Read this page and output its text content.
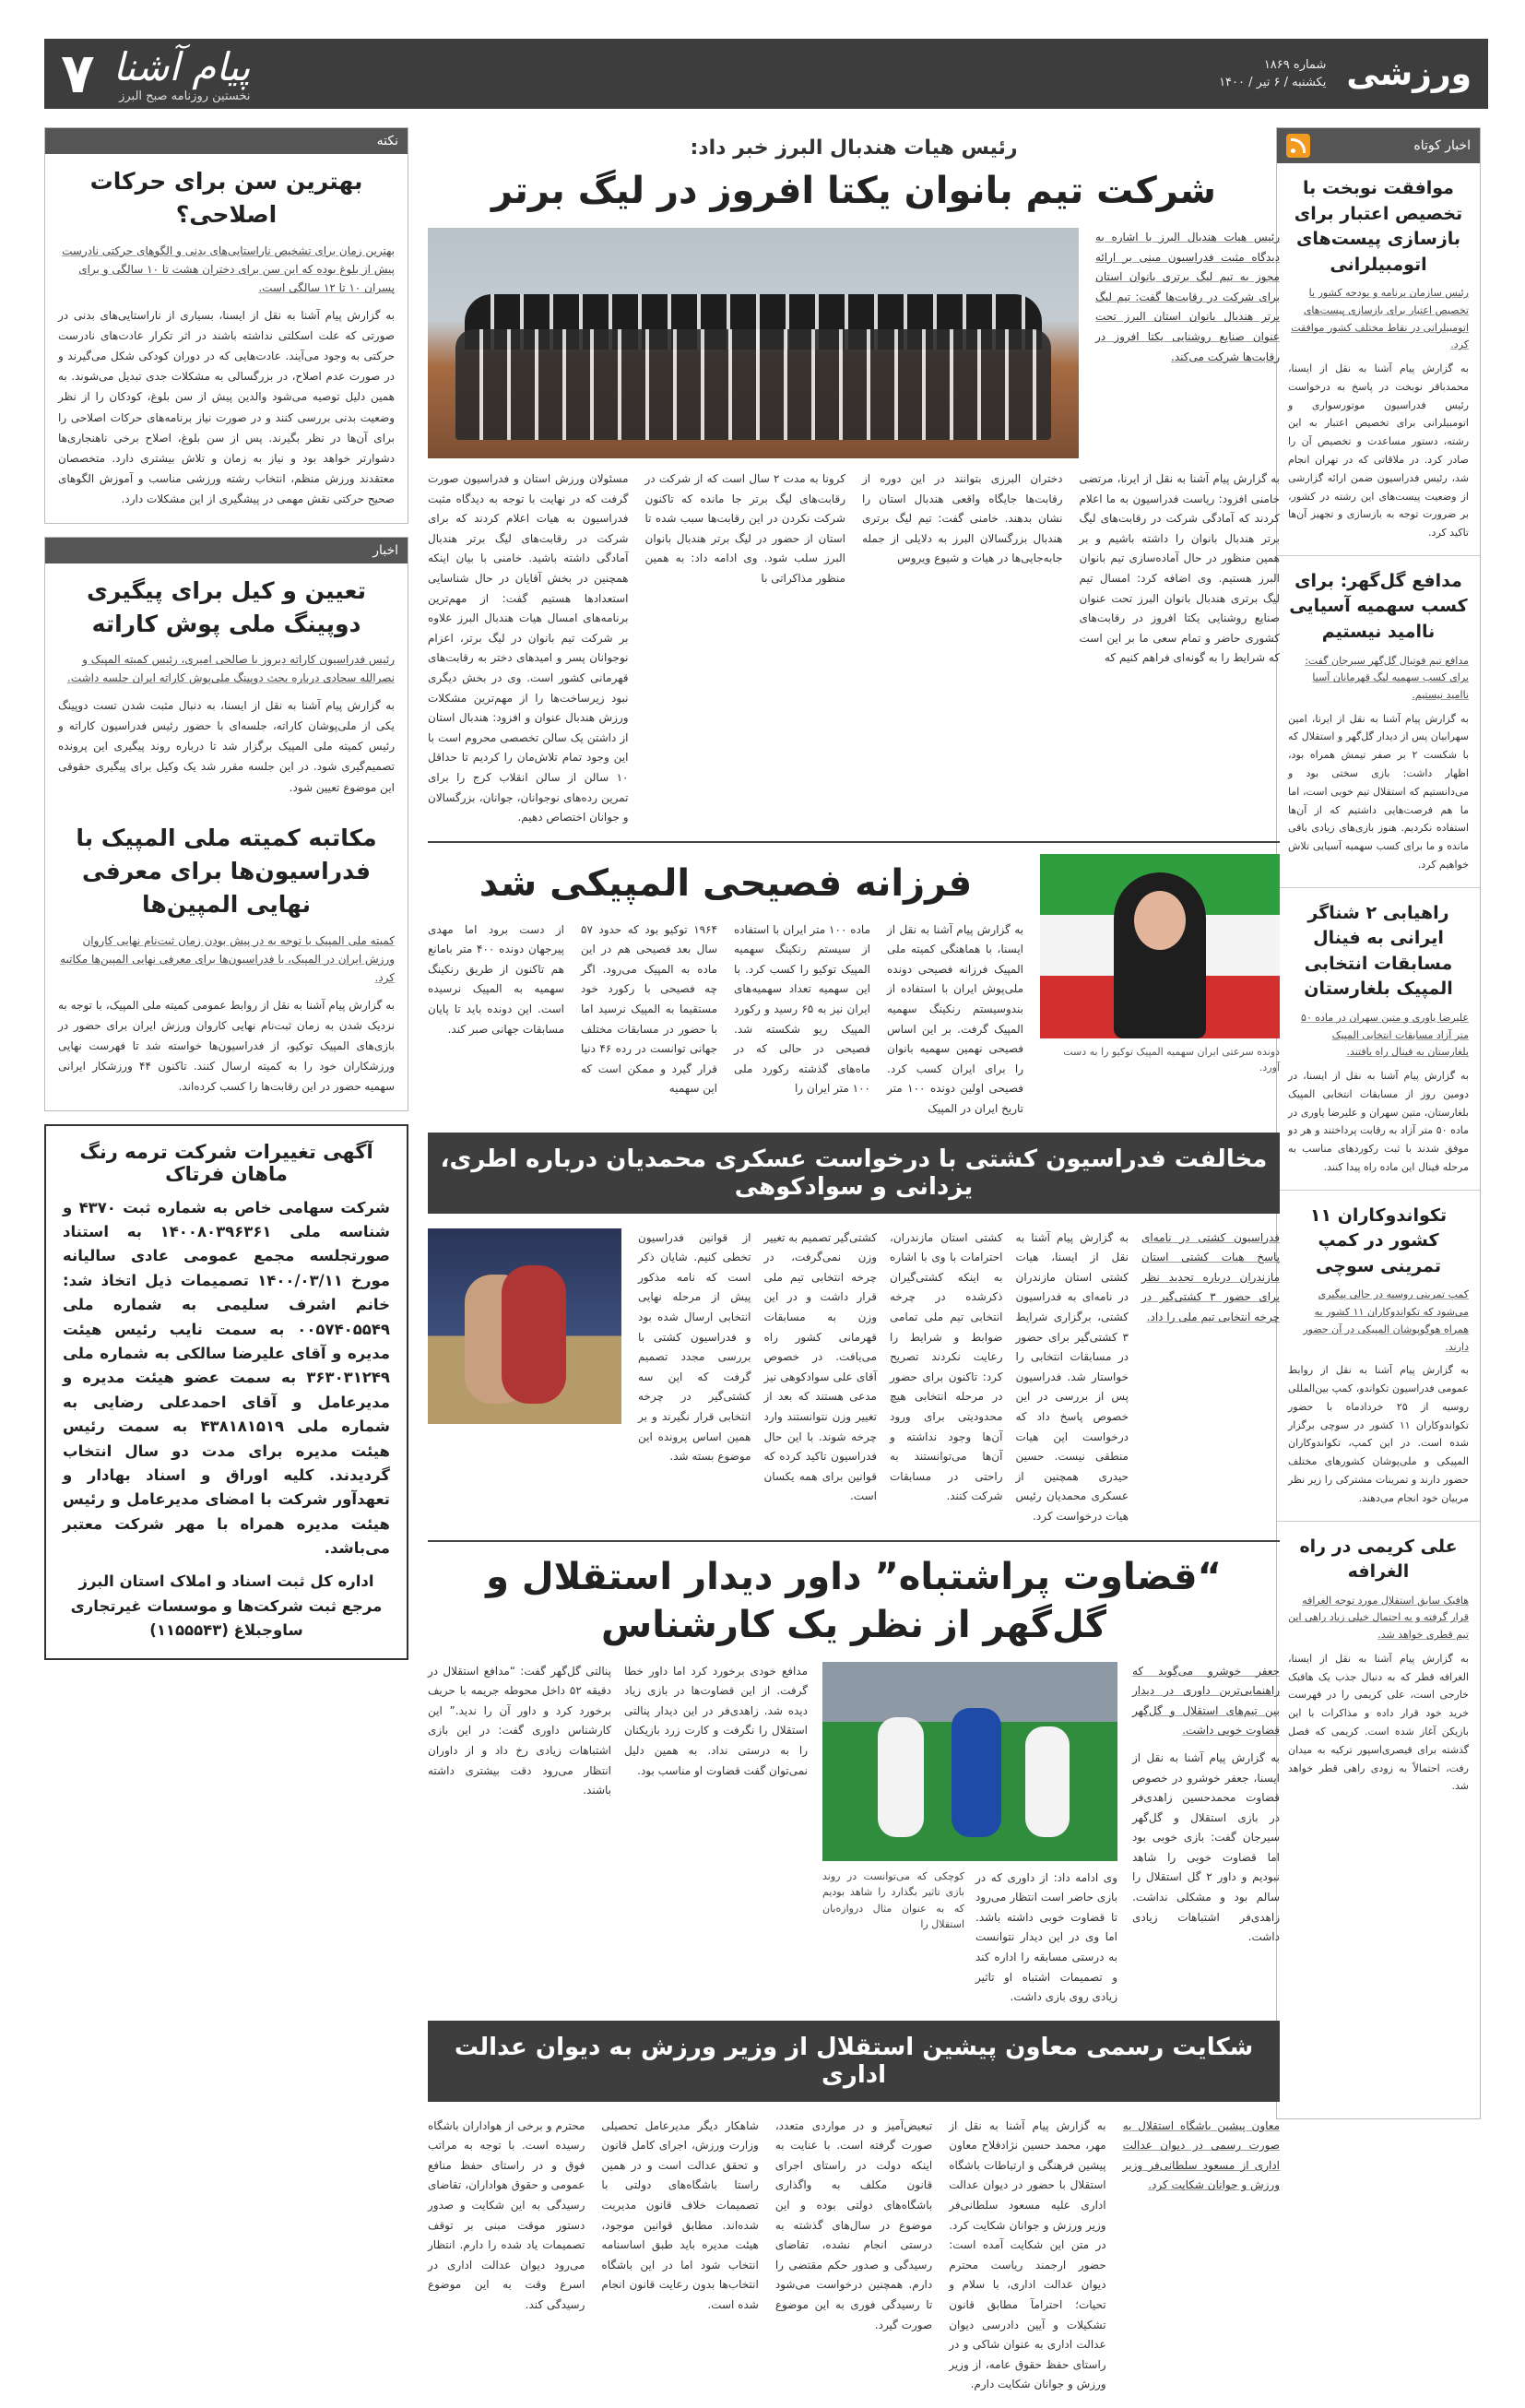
۷ پیام آشنا
نخستین روزنامه صبح البرز
ورزشی
شماره ۱۸۶۹
یکشنبه / ۶ تیر / ۱۴۰۰
اخبار کوتاه
موافقت نوبخت با تخصیص اعتبار برای بازسازی پیست‌های اتومبیلرانی
رئیس سازمان برنامه و بودجه کشور با تخصیص اعتبار برای بازسازی پیست‌های اتومبیلرانی در نقاط مختلف کشور موافقت کرد.
به گزارش پیام آشنا به نقل از ایسنا، محمدباقر نوبخت در پاسخ به درخواست رئیس فدراسیون موتورسواری و اتومبیلرانی برای تخصیص اعتبار به این رشته، دستور مساعدت و تخصیص آن را صادر کرد. در ملاقاتی که در تهران انجام شد، رئیس فدراسیون ضمن ارائه گزارشی از وضعیت پیست‌های این رشته در کشور، بر ضرورت توجه به بازسازی و تجهیز آن‌ها تاکید کرد.
مدافع گل‌گهر: برای کسب سهمیه آسیایی ناامید نیستیم
مدافع تیم فوتبال گل‌گهر سیرجان گفت: برای کسب سهمیه لیگ قهرمانان آسیا ناامید نیستیم.
به گزارش پیام آشنا به نقل از ایرنا، امین سهرابیان پس از دیدار گل‌گهر و استقلال که با شکست ۲ بر صفر تیمش همراه بود، اظهار داشت: بازی سختی بود و می‌دانستیم که استقلال تیم خوبی است، اما ما هم فرصت‌هایی داشتیم که از آن‌ها استفاده نکردیم. هنوز بازی‌های زیادی باقی مانده و ما برای کسب سهمیه آسیایی تلاش خواهیم کرد.
راهیابی ۲ شناگر ایرانی به فینال مسابقات انتخابی المپیک بلغارستان
علیرضا یاوری و متین سهران در ماده ۵۰ متر آزاد مسابقات انتخابی المپیک بلغارستان به فینال راه یافتند.
به گزارش پیام آشنا به نقل از ایسنا، در دومین روز از مسابقات انتخابی المپیک بلغارستان، متین سهران و علیرضا یاوری در ماده ۵۰ متر آزاد به رقابت پرداختند و هر دو موفق شدند با ثبت رکوردهای مناسب به مرحله فینال این ماده راه پیدا کنند.
تکواندوکاران ۱۱ کشور در کمپ تمرینی سوچی
کمپ تمرینی روسیه در حالی پیگیری می‌شود که تکواندوکاران ۱۱ کشور به همراه هوگوپوشان المپیکی در آن حضور دارند.
به گزارش پیام آشنا به نقل از روابط عمومی فدراسیون تکواندو، کمپ بین‌المللی روسیه از ۲۵ خردادماه با حضور تکواندوکاران ۱۱ کشور در سوچی برگزار شده است. در این کمپ، تکواندوکاران المپیکی و ملی‌پوشان کشورهای مختلف حضور دارند و تمرینات مشترکی را زیر نظر مربیان خود انجام می‌دهند.
علی کریمی در راه الغرافه
هافبک سابق استقلال مورد توجه الغرافه قرار گرفته و به احتمال خیلی زیاد راهی این تیم قطری خواهد شد.
به گزارش پیام آشنا به نقل از ایسنا، الغرافه قطر که به دنبال جذب یک هافبک خارجی است، علی کریمی را در فهرست خرید خود قرار داده و مذاکرات با این بازیکن آغاز شده است. کریمی که فصل گذشته برای قیصری‌اسپور ترکیه به میدان رفت، احتمالاً به زودی راهی قطر خواهد شد.
نکته
بهترین سن برای حرکات اصلاحی؟
بهترین زمان برای تشخیص ناراستایی‌های بدنی و الگوهای حرکتی نادرست پیش از بلوغ بوده که این سن برای دختران هشت تا ۱۰ سالگی و برای پسران ۱۰ تا ۱۲ سالگی است.
به گزارش پیام آشنا به نقل از ایسنا، بسیاری از ناراستایی‌های بدنی در صورتی که علت اسکلتی نداشته باشند در اثر تکرار عادت‌های نادرست حرکتی به وجود می‌آیند. عادت‌هایی که در دوران کودکی شکل می‌گیرند و در صورت عدم اصلاح، در بزرگسالی به مشکلات جدی تبدیل می‌شوند. به همین دلیل توصیه می‌شود والدین پیش از سن بلوغ، کودکان را از نظر وضعیت بدنی بررسی کنند و در صورت نیاز برنامه‌های حرکات اصلاحی را برای آن‌ها در نظر بگیرند. پس از سن بلوغ، اصلاح برخی ناهنجاری‌ها دشوارتر خواهد بود و نیاز به زمان و تلاش بیشتری دارد. متخصصان معتقدند ورزش منظم، انتخاب رشته ورزشی مناسب و آموزش الگوهای صحیح حرکتی نقش مهمی در پیشگیری از این مشکلات دارد.
اخبار
تعیین و کیل برای پیگیری دوپینگ ملی پوش کاراته
رئیس فدراسیون کاراته دیروز با صالحی امیری، رئیس کمیته المپیک و نصرالله سجادی درباره بحث دوپینگ ملی‌پوش کاراته ایران جلسه داشت.
به گزارش پیام آشنا به نقل از ایسنا، به دنبال مثبت شدن تست دوپینگ یکی از ملی‌پوشان کاراته، جلسه‌ای با حضور رئیس فدراسیون کاراته و رئیس کمیته ملی المپیک برگزار شد تا درباره روند پیگیری این پرونده تصمیم‌گیری شود. در این جلسه مقرر شد یک وکیل برای پیگیری حقوقی این موضوع تعیین شود.
مکاتبه کمیته ملی المپیک با فدراسیون‌ها برای معرفی نهایی المپین‌ها
کمیته ملی المپیک با توجه به در پیش بودن زمان ثبت‌نام نهایی کاروان ورزش ایران در المپیک، با فدراسیون‌ها برای معرفی نهایی المپین‌ها مکاتبه کرد.
به گزارش پیام آشنا به نقل از روابط عمومی کمیته ملی المپیک، با توجه به نزدیک شدن به زمان ثبت‌نام نهایی کاروان ورزش ایران برای حضور در بازی‌های المپیک توکیو، از فدراسیون‌ها خواسته شد تا فهرست نهایی ورزشکاران خود را به کمیته ارسال کنند. تاکنون ۴۴ ورزشکار ایرانی سهمیه حضور در این رقابت‌ها را کسب کرده‌اند.
آگهی تغییرات شرکت ترمه رنگ ماهان فرتاک

شرکت سهامی خاص به شماره ثبت ۴۳۷۰ و شناسه ملی ۱۴۰۰۸۰۳۹۶۳۶۱ به استناد صورتجلسه مجمع عمومی عادی سالیانه مورخ ۱۴۰۰/۰۳/۱۱ تصمیمات ذیل اتخاذ شد: خانم اشرف سلیمی به شماره ملی ۰۰۵۷۴۰۵۵۴۹ به سمت نایب رئیس هیئت مدیره و آقای علیرضا سالکی به شماره ملی ۳۶۳۰۳۱۲۴۹ به سمت عضو هیئت مدیره و مدیرعامل و آقای احمدعلی رضایی به شماره ملی ۴۳۸۱۸۱۵۱۹ به سمت رئیس هیئت مدیره برای مدت دو سال انتخاب گردیدند. کلیه اوراق و اسناد بهادار و تعهدآور شرکت با امضای مدیرعامل و رئیس هیئت مدیره همراه با مهر شرکت معتبر می‌باشد.

اداره کل ثبت اسناد و املاک استان البرز مرجع ثبت شرکت‌ها و موسسات غیرتجاری ساوجبلاغ (۱۱۵۵۵۴۳)

رئیس هیات هندبال البرز خبر داد:
شرکت تیم بانوان یکتا افروز در لیگ برتر
رئیس هیات هندبال البرز با اشاره به دیدگاه مثبت فدراسیون مبنی بر ارائه مجوز به تیم لیگ برتری بانوان استان برای شرکت در رقابت‌ها گفت: تیم لیگ برتر هندبال بانوان استان البرز تحت عنوان صنایع روشنایی یکتا افروز در رقابت‌ها شرکت می‌کند.
به گزارش پیام آشنا به نقل از ایرنا، مرتضی خامنی افزود: ریاست فدراسیون به ما اعلام کردند که آمادگی شرکت در رقابت‌های لیگ برتر هندبال بانوان را داشته باشیم و بر همین منظور در حال آماده‌سازی تیم بانوان البرز هستیم. وی اضافه کرد: امسال تیم لیگ برتری هندبال بانوان البرز تحت عنوان صنایع روشنایی یکتا افروز در رقابت‌های کشوری حاضر و تمام سعی ما بر این است که شرایط را به گونه‌ای فراهم کنیم که
دختران البرزی بتوانند در این دوره از رقابت‌ها جایگاه واقعی هندبال استان را نشان بدهند. خامنی گفت: تیم لیگ برتری هندبال بزرگسالان البرز به دلایلی از جمله جابه‌جایی‌ها در هیات و شیوع ویروس
کرونا به مدت ۲ سال است که از شرکت در رقابت‌های لیگ برتر جا مانده که تاکنون شرکت نکردن در این رقابت‌ها سبب شده تا استان از حضور در لیگ برتر هندبال بانوان البرز سلب شود. وی ادامه داد: به همین منظور مذاکراتی با
مسئولان ورزش استان و فدراسیون صورت گرفت که در نهایت با توجه به دیدگاه مثبت فدراسیون به هیات اعلام کردند که برای شرکت در رقابت‌های لیگ برتر هندبال آمادگی داشته باشید. خامنی با بیان اینکه همچنین در بخش آقایان در حال شناسایی استعدادها هستیم گفت: از مهم‌ترین برنامه‌های امسال هیات هندبال البرز علاوه بر شرکت تیم بانوان در لیگ برتر، اعزام نوجوانان پسر و امیدهای دختر به رقابت‌های قهرمانی کشور است. وی در بخش دیگری نبود زیرساخت‌ها را از مهم‌ترین مشکلات ورزش هندبال عنوان و افزود: هندبال استان از داشتن یک سالن تخصصی محروم است با این وجود تمام تلاش‌مان را کردیم تا حداقل ۱۰ سالن از سالن انقلاب کرج را برای تمرین رده‌های نوجوانان، جوانان، بزرگسالان و جوانان اختصاص دهیم.
دونده سرعتی ایران سهمیه المپیک توکیو را به دست آورد.
فرزانه فصیحی المپیکی شد
به گزارش پیام آشنا به نقل از ایسنا، با هماهنگی کمیته ملی المپیک فرزانه فصیحی دونده ملی‌پوش ایران با استفاده از بندوسیستم رنکینگ سهمیه المپیک گرفت. بر این اساس فصیحی نهمین سهمیه بانوان را برای ایران کسب کرد. فصیحی اولین دونده ۱۰۰ متر تاریخ ایران در المپیک
ماده ۱۰۰ متر ایران با استفاده از سیستم رنکینگ سهمیه المپیک توکیو را کسب کرد. با این سهمیه تعداد سهمیه‌های ایران نیز به ۶۵ رسید و رکورد المپیک ریو شکسته شد. فصیحی در حالی که در ماه‌های گذشته رکورد ملی ۱۰۰ متر ایران را
۱۹۶۴ توکیو بود که حدود ۵۷ سال بعد فصیحی هم در این ماده به المپیک می‌رود. اگر چه فصیحی با رکورد خود مستقیما به المپیک نرسید اما با حضور در مسابقات مختلف جهانی توانست در رده ۴۶ دنیا قرار گیرد و ممکن است که این سهمیه
از دست برود اما مهدی پیرجهان دونده ۴۰۰ متر با‌مانع هم تاکنون از طریق رنکینگ سهمیه به المپیک نرسیده است. این دونده باید تا پایان مسابقات جهانی صبر کند.
مخالفت فدراسیون کشتی با درخواست عسکری محمدیان درباره اطری، یزدانی و سوادکوهی
فدراسیون کشتی در نامه‌ای پاسخ هیات کشتی استان مازندران درباره تجدید نظر برای حضور ۳ کشتی‌گیر در چرخه انتخابی تیم ملی را داد.
به گزارش پیام آشنا به نقل از ایسنا، هیات کشتی استان مازندران در نامه‌ای به فدراسیون کشتی، برگزاری شرایط ۳ کشتی‌گیر برای حضور در مسابقات انتخابی را خواستار شد. فدراسیون پس از بررسی در این خصوص پاسخ داد که درخواست این هیات منطقی نیست. حسین حیدری همچنین از عسکری محمدیان رئیس هیات درخواست کرد.
کشتی استان مازندران، احترامات با وی با اشاره به اینکه کشتی‌گیران ذکرشده در چرخه انتخابی تیم ملی تمامی ضوابط و شرایط را رعایت نکردند تصریح کرد: تاکنون برای حضور در مرحله انتخابی هیچ محدودیتی برای ورود آن‌ها وجود نداشته و آن‌ها می‌توانستند به راحتی در مسابقات شرکت کنند.
کشتی‌گیر تصمیم به تغییر وزن نمی‌گرفت، در چرخه انتخابی تیم ملی قرار داشت و در این وزن به مسابقات قهرمانی کشور راه می‌یافت. در خصوص آقای علی سوادکوهی نیز مدعی هستند که بعد از تغییر وزن نتوانستند وارد چرخه شوند. با این حال فدراسیون تاکید کرده که قوانین برای همه یکسان است.
از قوانین فدراسیون تخطی کنیم. شایان ذکر است که نامه مذکور پیش از مرحله نهایی انتخابی ارسال شده بود و فدراسیون کشتی با بررسی مجدد تصمیم گرفت که این سه کشتی‌گیر در چرخه انتخابی قرار نگیرند و بر همین اساس پرونده این موضوع بسته شد.
“قضاوت پراشتباه” داور دیدار استقلال و گل‌گهر از نظر یک کارشناس
جعفر خوشرو می‌گوید که راهنمایی‌ترین داوری در دیدار بین تیم‌های استقلال و گل‌گهر قضاوت خوبی داشت.
به گزارش پیام آشنا به نقل از ایسنا، جعفر خوشرو در خصوص قضاوت محمدحسین زاهدی‌فر در بازی استقلال و گل‌گهر سیرجان گفت: بازی خوبی بود اما قضاوت خوبی را شاهد نبودیم و داور ۲ گل استقلال را سالم بود و مشکلی نداشت. زاهدی‌فر اشتباهات زیادی داشت.
وی ادامه داد: از داوری که در بازی حاضر است انتظار می‌رود تا قضاوت خوبی داشته باشد. اما وی در این دیدار نتوانست به درستی مسابقه را اداره کند و تصمیمات اشتباه او تاثیر زیادی روی بازی داشت.
کوچکی که می‌توانست در روند بازی تاثیر بگذارد را شاهد بودیم که به عنوان مثال دروازه‌بان استقلال را
مدافع خودی برخورد کرد اما داور خطا گرفت. از این قضاوت‌ها در بازی زیاد دیده شد. زاهدی‌فر در این دیدار پنالتی استقلال را نگرفت و کارت زرد بازیکنان را به درستی نداد. به همین دلیل نمی‌توان گفت قضاوت او مناسب بود.
پنالتی گل‌گهر گفت: “مدافع استقلال در دقیقه ۵۲ داخل محوطه جریمه با حریف برخورد کرد و داور آن را ندید.” این کارشناس داوری گفت: در این بازی اشتباهات زیادی رخ داد و از داوران انتظار می‌رود دقت بیشتری داشته باشند.
شکایت رسمی معاون پیشین استقلال از وزیر ورزش به دیوان عدالت اداری
معاون پیشین باشگاه استقلال به صورت رسمی در دیوان عدالت اداری از مسعود سلطانی‌فر وزیر ورزش و جوانان شکایت کرد.
به گزارش پیام آشنا به نقل از مهر، محمد حسین نژادفلاح معاون پیشین فرهنگی و ارتباطات باشگاه استقلال با حضور در دیوان عدالت اداری علیه مسعود سلطانی‌فر وزیر ورزش و جوانان شکایت کرد. در متن این شکایت آمده است: حضور ارجمند ریاست محترم دیوان عدالت اداری، با سلام و تحیات؛ احترامآ مطابق قانون تشکیلات و آیین دادرسی دیوان عدالت اداری به عنوان شاکی و در راستای حفظ حقوق عامه، از وزیر ورزش و جوانان شکایت دارم.
تبعیض‌آمیز و در مواردی متعدد، صورت گرفته است. با عنایت به اینکه دولت در راستای اجرای قانون مکلف به واگذاری باشگاه‌های دولتی بوده و این موضوع در سال‌های گذشته به درستی انجام نشده، تقاضای رسیدگی و صدور حکم مقتضی را دارم. همچنین درخواست می‌شود تا رسیدگی فوری به این موضوع صورت گیرد.
شاهکار دیگر مدیرعامل تحصیلی وزارت ورزش، اجرای کامل قانون و تحقق عدالت است و در همین راستا باشگاه‌های دولتی با تصمیمات خلاف قانون مدیریت شده‌اند. مطابق قوانین موجود، هیئت مدیره باید طبق اساسنامه انتخاب شود اما در این باشگاه انتخاب‌ها بدون رعایت قانون انجام شده است.
محترم و برخی از هواداران باشگاه رسیده است. با توجه به مراتب فوق و در راستای حفظ منافع عمومی و حقوق هواداران، تقاضای رسیدگی به این شکایت و صدور دستور موقت مبنی بر توقف تصمیمات یاد شده را دارم. انتظار می‌رود دیوان عدالت اداری در اسرع وقت به این موضوع رسیدگی کند.
